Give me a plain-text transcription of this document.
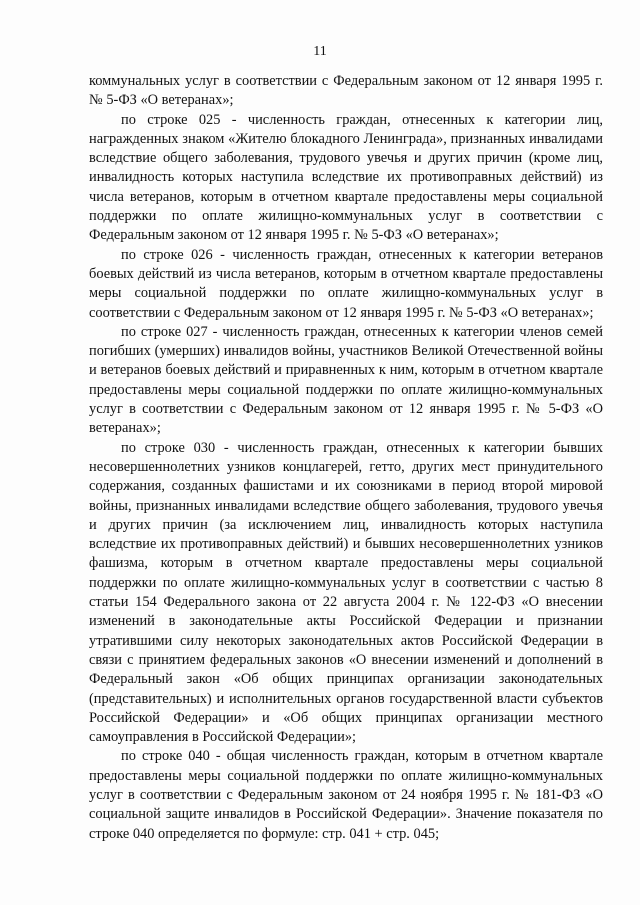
11

коммунальных услуг в соответствии с Федеральным законом от 12 января 1995 г. № 5-ФЗ «О ветеранах»;

по строке 025 - численность граждан, отнесенных к категории лиц, награжденных знаком «Жителю блокадного Ленинграда», признанных инвалидами вследствие общего заболевания, трудового увечья и других причин (кроме лиц, инвалидность которых наступила вследствие их противоправных действий) из числа ветеранов, которым в отчетном квартале предоставлены меры социальной поддержки по оплате жилищно-коммунальных услуг в соответствии с Федеральным законом от 12 января 1995 г. № 5-ФЗ «О ветеранах»;

по строке 026 - численность граждан, отнесенных к категории ветеранов боевых действий из числа ветеранов, которым в отчетном квартале предоставлены меры социальной поддержки по оплате жилищно-коммунальных услуг в соответствии с Федеральным законом от 12 января 1995 г. № 5-ФЗ «О ветеранах»;

по строке 027 - численность граждан, отнесенных к категории членов семей погибших (умерших) инвалидов войны, участников Великой Отечественной войны и ветеранов боевых действий и приравненных к ним, которым в отчетном квартале предоставлены меры социальной поддержки по оплате жилищно-коммунальных услуг в соответствии с Федеральным законом от 12 января 1995 г. № 5-ФЗ «О ветеранах»;

по строке 030 - численность граждан, отнесенных к категории бывших несовершеннолетних узников концлагерей, гетто, других мест принудительного содержания, созданных фашистами и их союзниками в период второй мировой войны, признанных инвалидами вследствие общего заболевания, трудового увечья и других причин (за исключением лиц, инвалидность которых наступила вследствие их противоправных действий) и бывших несовершеннолетних узников фашизма, которым в отчетном квартале предоставлены меры социальной поддержки по оплате жилищно-коммунальных услуг в соответствии с частью 8 статьи 154 Федерального закона от 22 августа 2004 г. № 122-ФЗ «О внесении изменений в законодательные акты Российской Федерации и признании утратившими силу некоторых законодательных актов Российской Федерации в связи с принятием федеральных законов «О внесении изменений и дополнений в Федеральный закон «Об общих принципах организации законодательных (представительных) и исполнительных органов государственной власти субъектов Российской Федерации» и «Об общих принципах организации местного самоуправления в Российской Федерации»;

по строке 040 - общая численность граждан, которым в отчетном квартале предоставлены меры социальной поддержки по оплате жилищно-коммунальных услуг в соответствии с Федеральным законом от 24 ноября 1995 г. № 181-ФЗ «О социальной защите инвалидов в Российской Федерации». Значение показателя по строке 040 определяется по формуле: стр. 041 + стр. 045;
